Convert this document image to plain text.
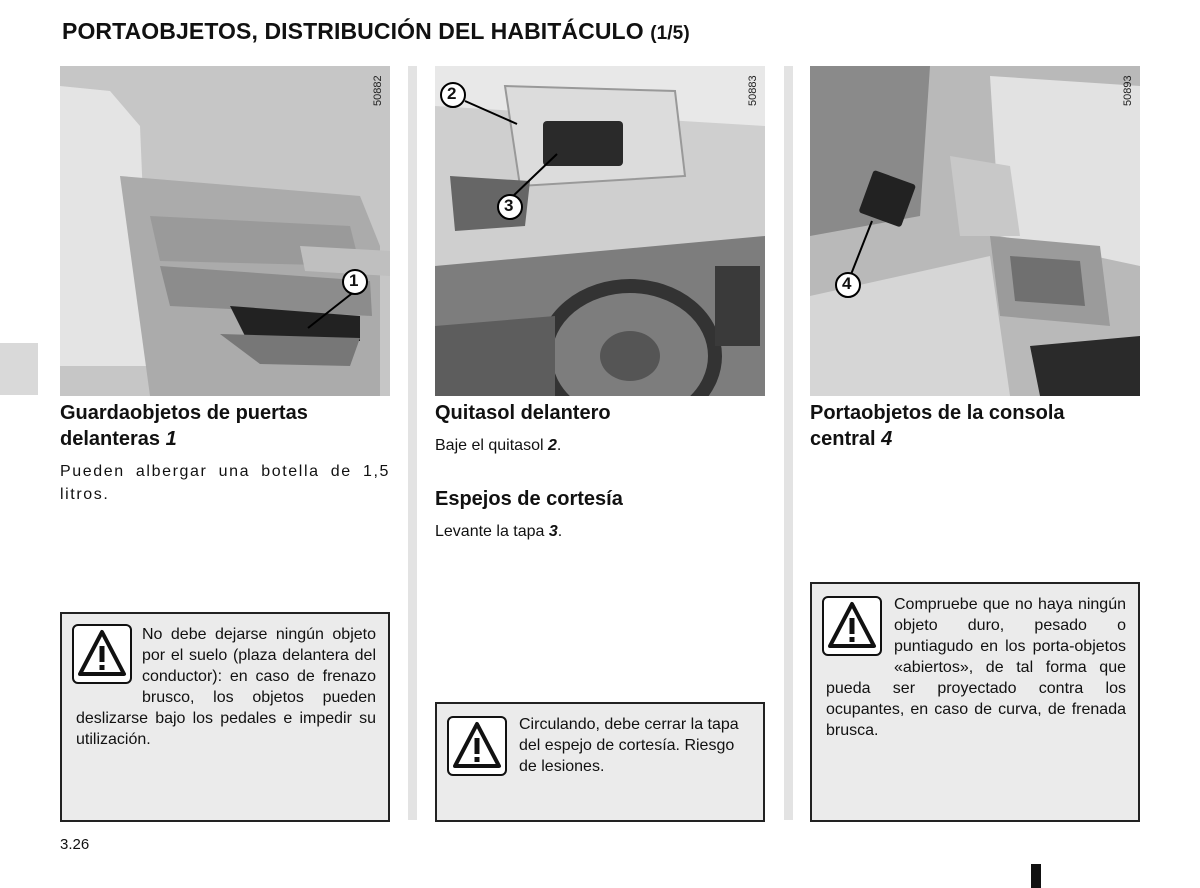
PORTAOBJETOS, DISTRIBUCIÓN DEL HABITÁCULO (1/5)
50882
1
Guardaobjetos de puertas delanteras 1

Pueden albergar una botella de 1,5 litros.

No debe dejarse ningún objeto por el suelo (plaza delantera del conductor): en caso de frenazo brusco, los objetos pueden deslizarse bajo los pedales e impedir su utilización.
50883
2
3
Quitasol delantero

Baje el quitasol 2.

Espejos de cortesía

Levante la tapa 3.

Circulando, debe cerrar la tapa del espejo de cortesía. Riesgo de lesiones.
50893
4
Portaobjetos de la consola central 4
Compruebe que no haya ningún objeto duro, pesado o puntiagudo en los porta-objetos «abiertos», de tal forma que pueda ser proyectado contra los ocupantes, en caso de curva, de frenada brusca.
3.26
